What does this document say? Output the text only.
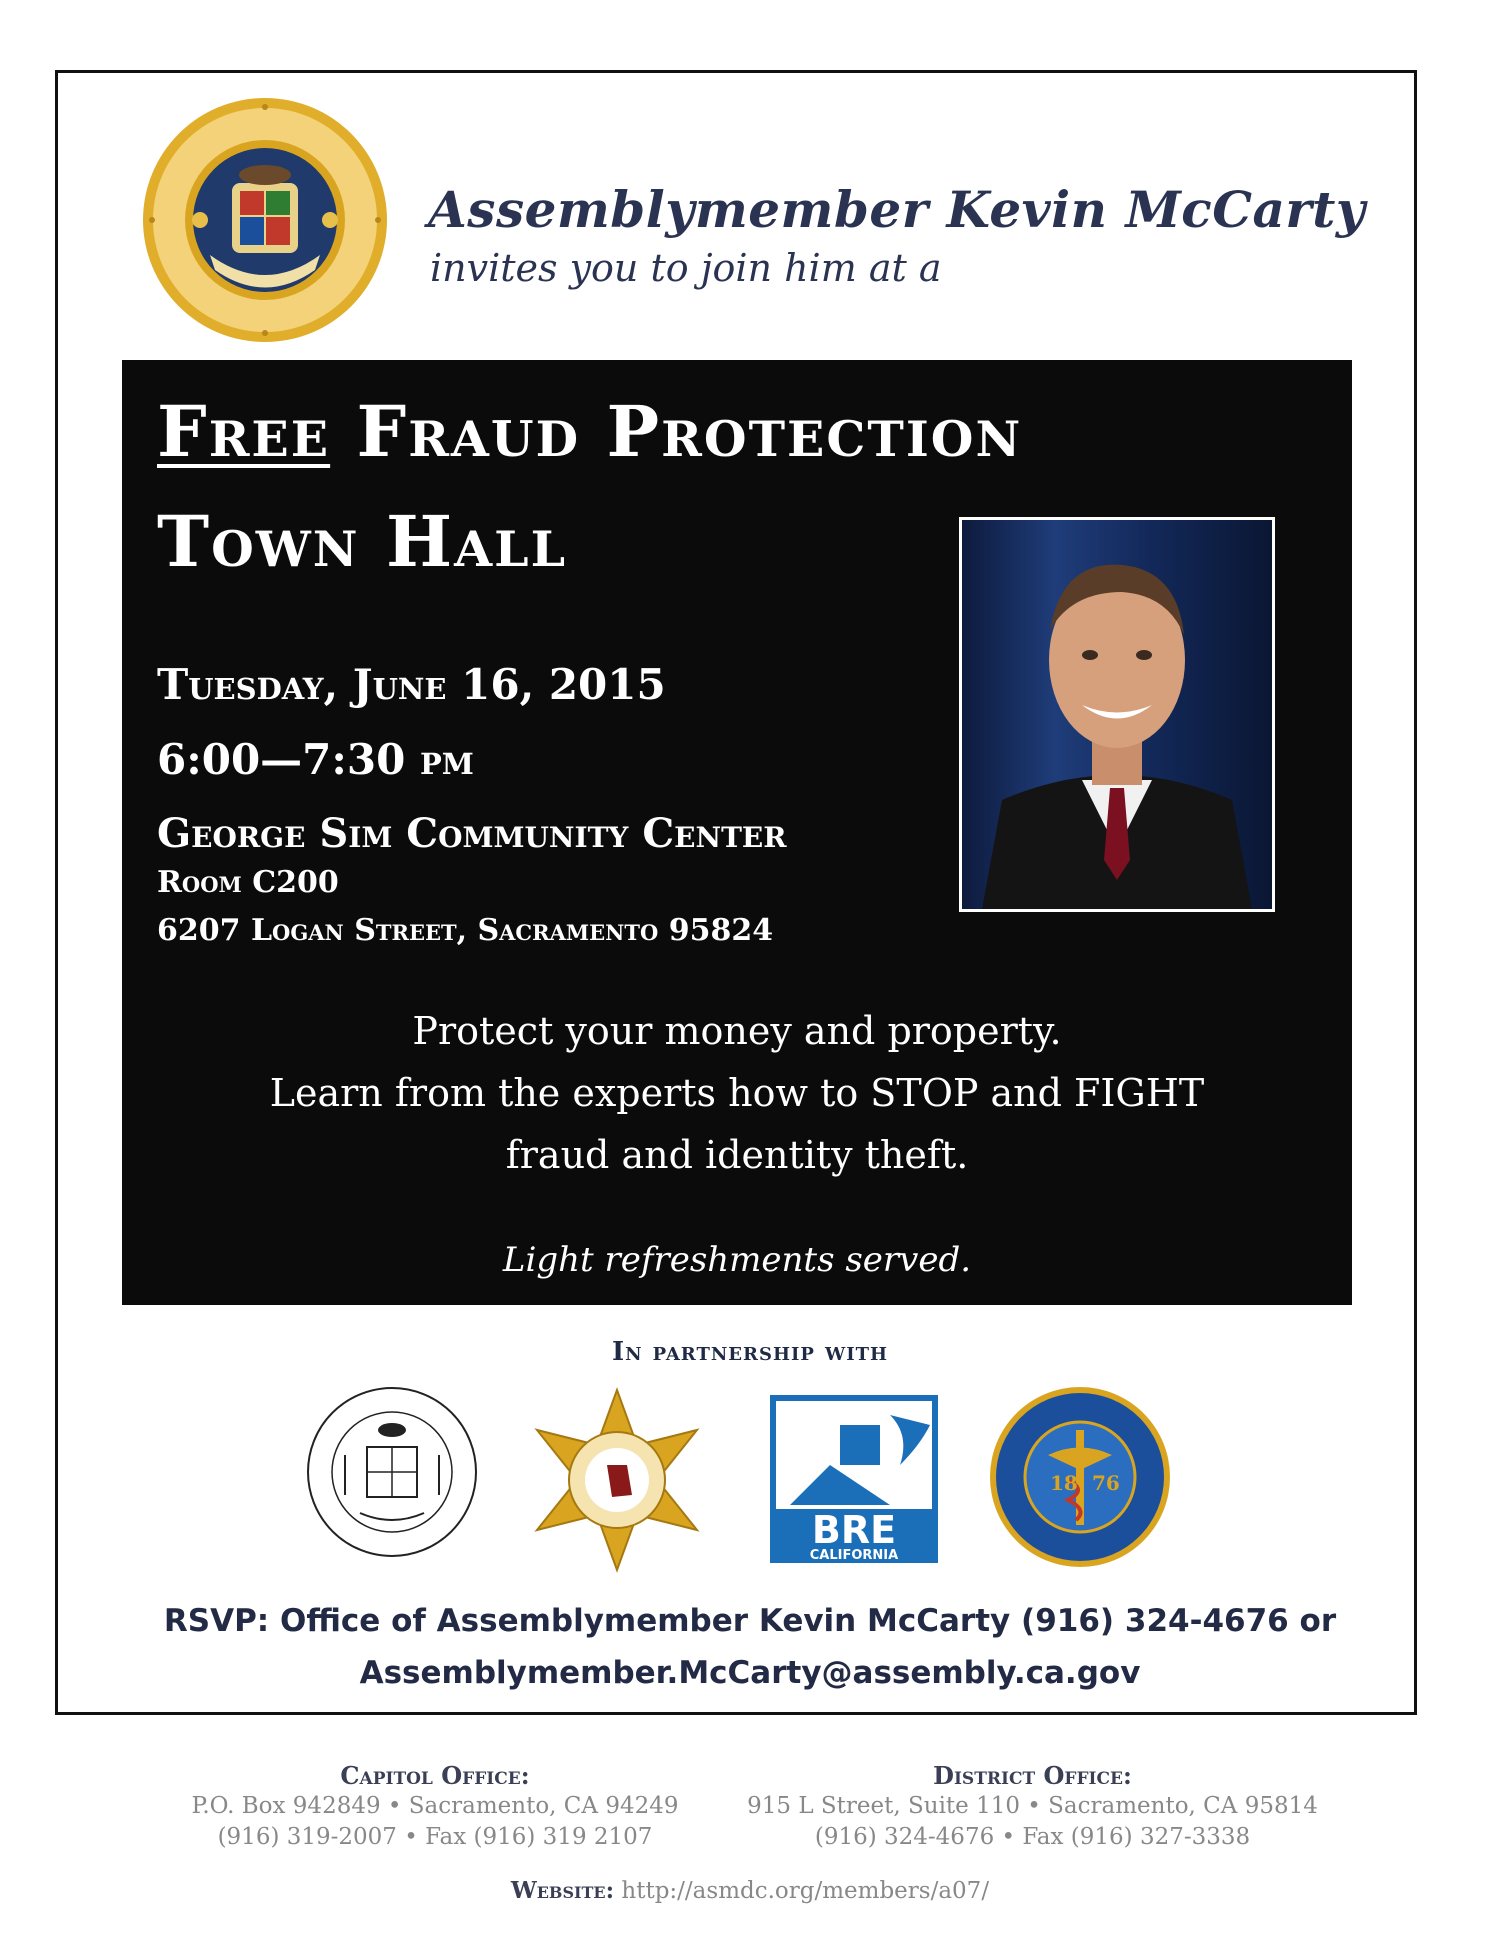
Assemblymember Kevin McCarty
invites you to join him at a
Free Fraud Protection
Town Hall
Tuesday, June 16, 2015
6:00—7:30 pm
George Sim Community Center
Room C200
6207 Logan Street, Sacramento 95824
Protect your money and property.
Learn from the experts how to STOP and FIGHT
fraud and identity theft.
Light refreshments served.
In partnership with
BRE
CALIFORNIA
18 76
RSVP: Office of Assemblymember Kevin McCarty (916) 324-4676 or
Assemblymember.McCarty@assembly.ca.gov
Capitol Office:
P.O. Box 942849 • Sacramento, CA 94249
(916) 319-2007 • Fax (916) 319 2107
District Office:
915 L Street, Suite 110 • Sacramento, CA 95814
(916) 324-4676 • Fax (916) 327-3338
Website: http://asmdc.org/members/a07/
